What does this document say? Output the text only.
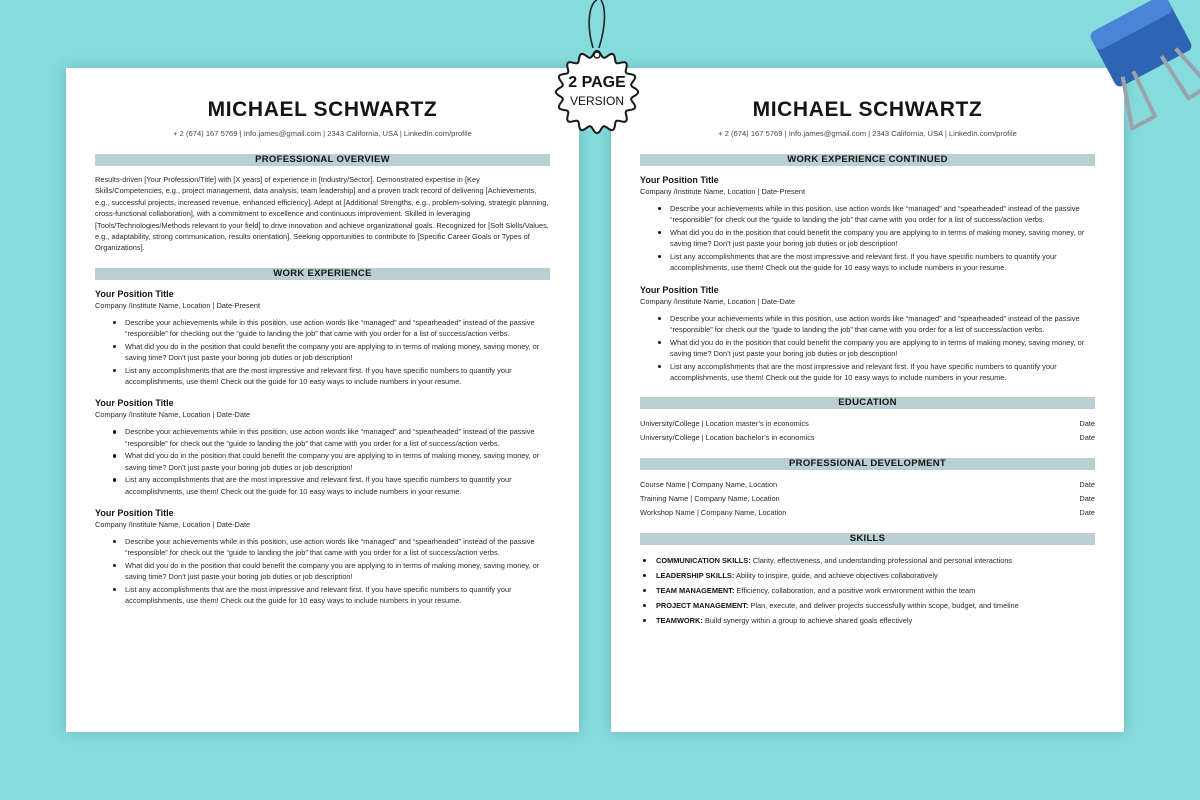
MICHAEL SCHWARTZ
+ 2 (674) 167 5769 | Info.james@gmail.com | 2343 California, USA | LinkedIn.com/profile
PROFESSIONAL OVERVIEW

Results-driven [Your Profession/Title] with [X years] of experience in [Industry/Sector]. Demonstrated expertise in [Key Skills/Competencies, e.g., project management, data analysis, team leadership] and a proven track record of delivering [Achievements, e.g., successful projects, increased revenue, enhanced efficiency]. Adept at [Additional Strengths, e.g., problem-solving, strategic planning, cross-functional collaboration], with a commitment to excellence and continuous improvement. Skilled in leveraging [Tools/Technologies/Methods relevant to your field] to drive innovation and achieve organizational goals. Recognized for [Soft Skills/Values, e.g., adaptability, strong communication, results orientation]. Seeking opportunities to contribute to [Specific Career Goals or Types of Organizations].

WORK EXPERIENCE
Your Position Title
Company /Institute Name, Location | Date-Present
Describe your achievements while in this position, use action words like “managed” and “spearheaded” instead of the passive “responsible” for checking out the “guide to landing the job” that came with you order for a list of success/action verbs.
What did you do in the position that could benefit the company you are applying to in terms of making money, saving money, or saving time? Don’t just paste your boring job duties or job description!
List any accomplishments that are the most impressive and relevant first. If you have specific numbers to quantify your accomplishments, use them! Check out the guide for 10 easy ways to include numbers in your resume.
Your Position Title
Company /Institute Name, Location | Date-Date
Describe your achievements while in this position, use action words like “managed” and “spearheaded” instead of the passive “responsible” for check out the “guide to landing the job” that came with you order for a list of success/action verbs.
What did you do in the position that could benefit the company you are applying to in terms of making money, saving money, or saving time? Don’t just paste your boring job duties or job description!
List any accomplishments that are the most impressive and relevant first. If you have specific numbers to quantify your accomplishments, use them! Check out the guide for 10 easy ways to include numbers in your resume.
Your Position Title
Company /Institute Name, Location | Date-Date
Describe your achievements while in this position, use action words like “managed” and “spearheaded” instead of the passive “responsible” for check out the “guide to landing the job” that came with you order for a list of success/action verbs.
What did you do in the position that could benefit the company you are applying to in terms of making money, saving money, or saving time? Don’t just paste your boring job duties or job description!
List any accomplishments that are the most impressive and relevant first. If you have specific numbers to quantify your accomplishments, use them! Check out the guide for 10 easy ways to include numbers in your resume.
MICHAEL SCHWARTZ
+ 2 (674) 167 5769 | Info.james@gmail.com | 2343 California, USA | LinkedIn.com/profile
WORK EXPERIENCE CONTINUED
Your Position Title
Company /Institute Name, Location | Date-Present
Describe your achievements while in this position, use action words like “managed” and “spearheaded” instead of the passive “responsible” for check out the “guide to landing the job” that came with you order for a list of success/action verbs.
What did you do in the position that could benefit the company you are applying to in terms of making money, saving money, or saving time? Don’t just paste your boring job duties or job description!
List any accomplishments that are the most impressive and relevant first. If you have specific numbers to quantify your accomplishments, use them! Check out the guide for 10 easy ways to include numbers in your resume.
Your Position Title
Company /Institute Name, Location | Date-Date
Describe your achievements while in this position, use action words like “managed” and “spearheaded” instead of the passive “responsible” for check out the “guide to landing the job” that came with you order for a list of success/action verbs.
What did you do in the position that could benefit the company you are applying to in terms of making money, saving money, or saving time? Don’t just paste your boring job duties or job description!
List any accomplishments that are the most impressive and relevant first. If you have specific numbers to quantify your accomplishments, use them! Check out the guide for 10 easy ways to include numbers in your resume.
EDUCATION
University/College | Location master’s in economics	Date
University/College | Location bachelor’s in economics	Date
PROFESSIONAL DEVELOPMENT
Course Name | Company Name, Location	Date
Training Name | Company Name, Location	Date
Workshop Name | Company Name, Location	Date
SKILLS
COMMUNICATION SKILLS: Clarity, effectiveness, and understanding professional and personal interactions
LEADERSHIP SKILLS: Ability to inspire, guide, and achieve objectives collaboratively
TEAM MANAGEMENT: Efficiency, collaboration, and a positive work environment within the team
PROJECT MANAGEMENT: Plan, execute, and deliver projects successfully within scope, budget, and timeline
TEAMWORK: Build synergy within a group to achieve shared goals effectively
2 PAGE
VERSION
